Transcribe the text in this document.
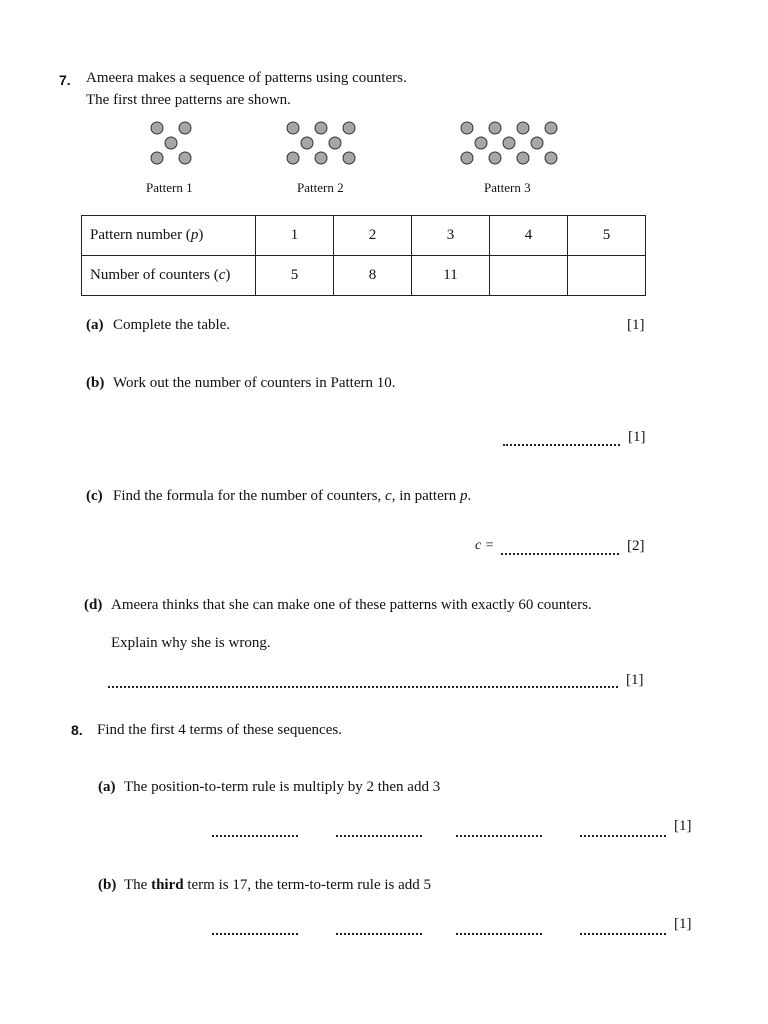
7. Ameera makes a sequence of patterns using counters.
The first three patterns are shown.
Pattern 1	Pattern 2	Pattern 3
Pattern number (p)	1	2	3	4	5
Number of counters (c)	5	8	11		
(a) Complete the table.	[1]
(b) Work out the number of counters in Pattern 10.
[1]
(c) Find the formula for the number of counters, c, in pattern p.
c =	[2]
(d) Ameera thinks that she can make one of these patterns with exactly 60 counters.
Explain why she is wrong.
[1]
8. Find the first 4 terms of these sequences.
(a) The position-to-term rule is multiply by 2 then add 3
[1]
(b) The third term is 17, the term-to-term rule is add 5
[1]
